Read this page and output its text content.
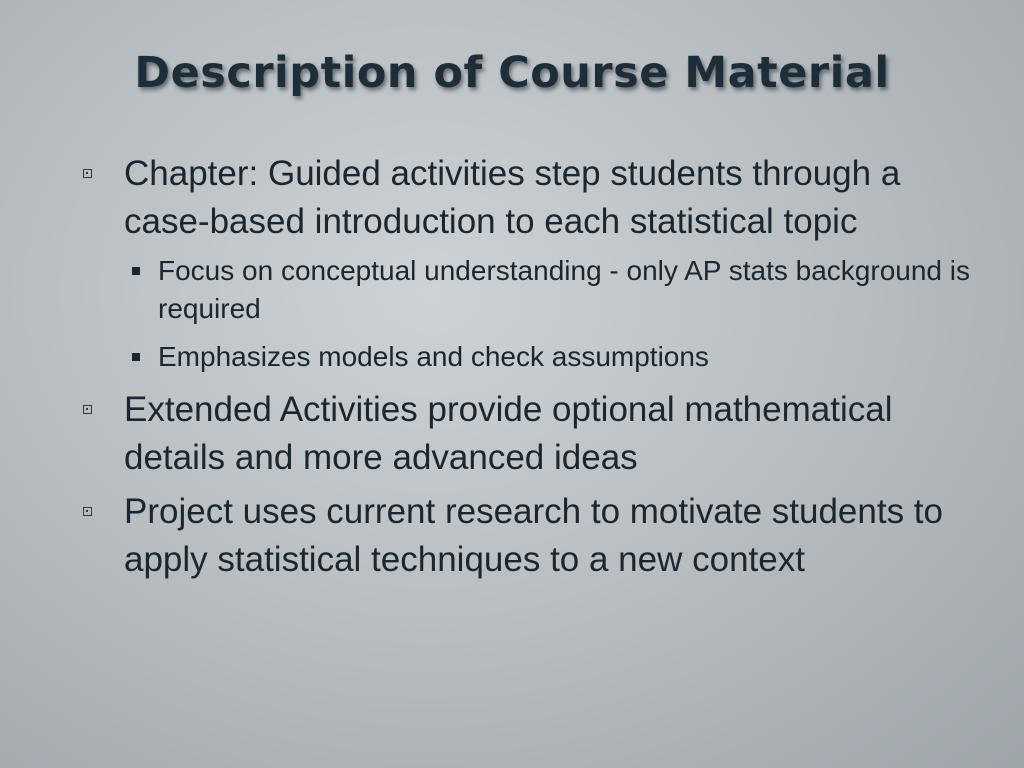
Description of Course Material
Chapter: Guided activities step students through a case-based introduction to each statistical topic
Focus on conceptual understanding - only AP stats background is required
Emphasizes models and check assumptions
Extended Activities provide optional mathematical details and more advanced ideas
Project uses current research to motivate students to apply statistical techniques to a new context
